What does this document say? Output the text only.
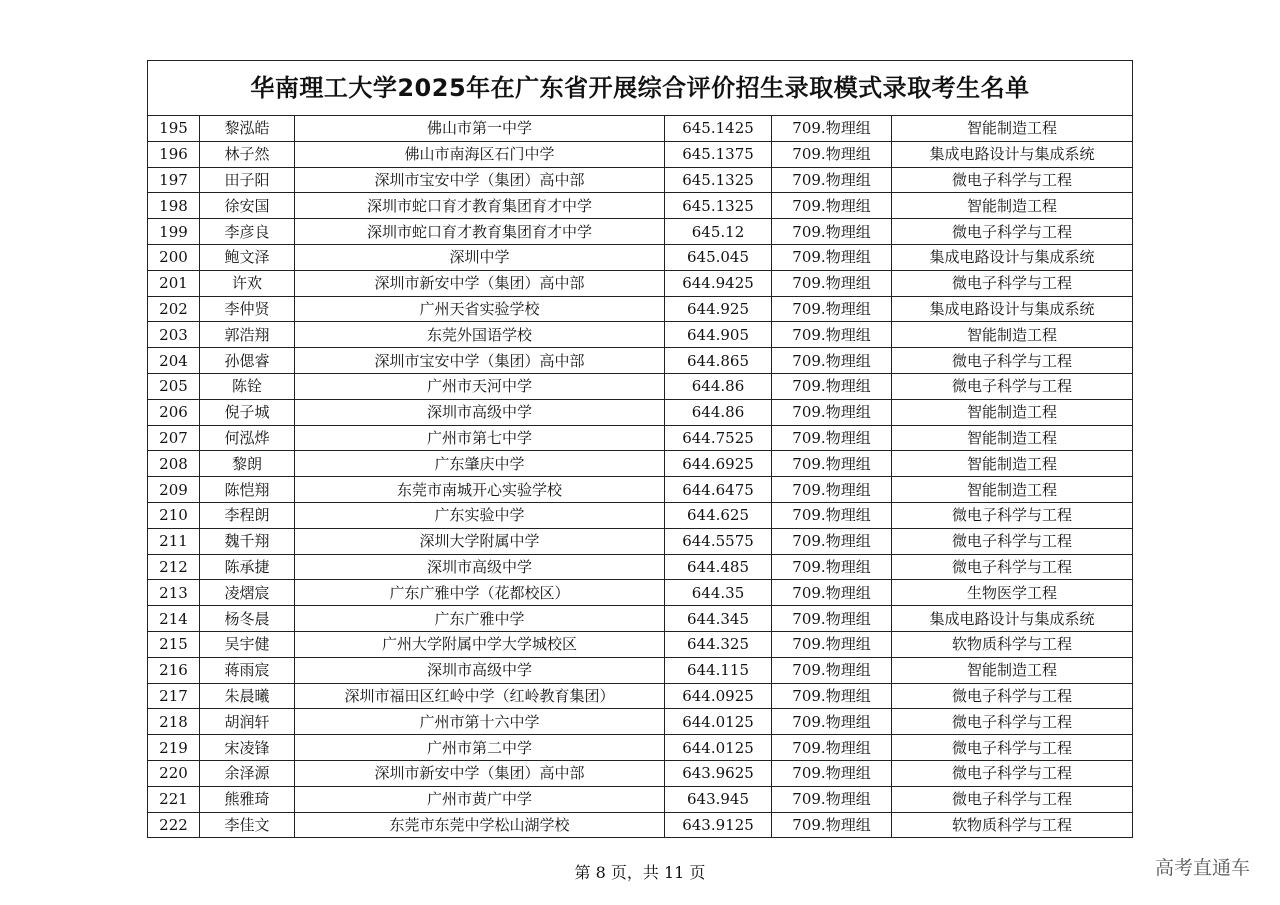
华南理工大学2025年在广东省开展综合评价招生录取模式录取考生名单					
195	黎泓皓	佛山市第一中学	645.1425	709.物理组	智能制造工程
196	林子然	佛山市南海区石门中学	645.1375	709.物理组	集成电路设计与集成系统
197	田子阳	深圳市宝安中学（集团）高中部	645.1325	709.物理组	微电子科学与工程
198	徐安国	深圳市蛇口育才教育集团育才中学	645.1325	709.物理组	智能制造工程
199	李彦良	深圳市蛇口育才教育集团育才中学	645.12	709.物理组	微电子科学与工程
200	鲍文泽	深圳中学	645.045	709.物理组	集成电路设计与集成系统
201	许欢	深圳市新安中学（集团）高中部	644.9425	709.物理组	微电子科学与工程
202	李仲贤	广州天省实验学校	644.925	709.物理组	集成电路设计与集成系统
203	郭浩翔	东莞外国语学校	644.905	709.物理组	智能制造工程
204	孙偲睿	深圳市宝安中学（集团）高中部	644.865	709.物理组	微电子科学与工程
205	陈铨	广州市天河中学	644.86	709.物理组	微电子科学与工程
206	倪子城	深圳市高级中学	644.86	709.物理组	智能制造工程
207	何泓烨	广州市第七中学	644.7525	709.物理组	智能制造工程
208	黎朗	广东肇庆中学	644.6925	709.物理组	智能制造工程
209	陈恺翔	东莞市南城开心实验学校	644.6475	709.物理组	智能制造工程
210	李程朗	广东实验中学	644.625	709.物理组	微电子科学与工程
211	魏千翔	深圳大学附属中学	644.5575	709.物理组	微电子科学与工程
212	陈承捷	深圳市高级中学	644.485	709.物理组	微电子科学与工程
213	凌熠宸	广东广雅中学（花都校区）	644.35	709.物理组	生物医学工程
214	杨冬晨	广东广雅中学	644.345	709.物理组	集成电路设计与集成系统
215	吴宇健	广州大学附属中学大学城校区	644.325	709.物理组	软物质科学与工程
216	蒋雨宸	深圳市高级中学	644.115	709.物理组	智能制造工程
217	朱晨曦	深圳市福田区红岭中学（红岭教育集团）	644.0925	709.物理组	微电子科学与工程
218	胡润轩	广州市第十六中学	644.0125	709.物理组	微电子科学与工程
219	宋凌锋	广州市第二中学	644.0125	709.物理组	微电子科学与工程
220	余泽源	深圳市新安中学（集团）高中部	643.9625	709.物理组	微电子科学与工程
221	熊雅琦	广州市黄广中学	643.945	709.物理组	微电子科学与工程
222	李佳文	东莞市东莞中学松山湖学校	643.9125	709.物理组	软物质科学与工程
第 8 页，共 11 页	高考直通车
